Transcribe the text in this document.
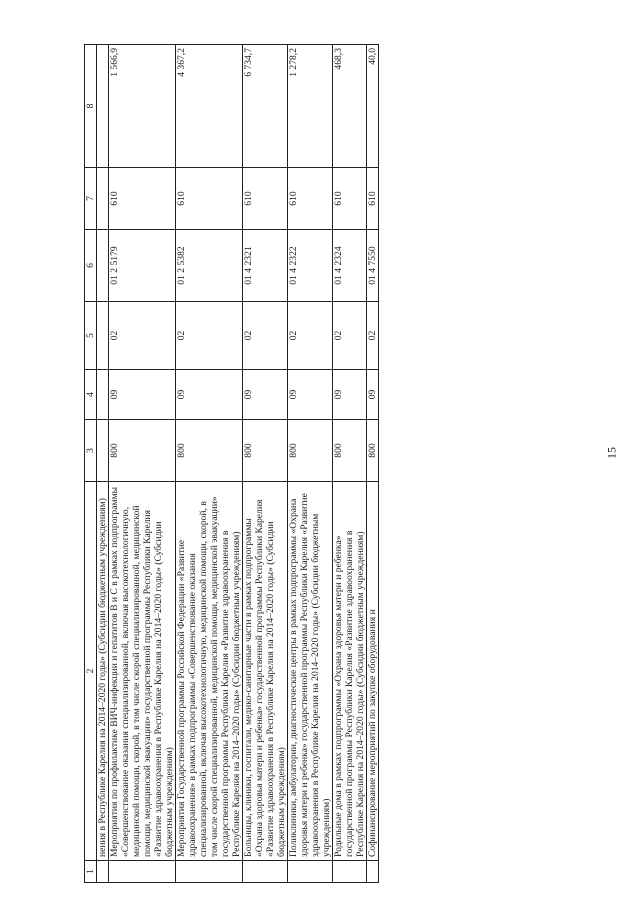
15
1	2	3	4	5	6	7	8
	нения в Республике Карелия на 2014–2020 годы» (Субсидии бюджетным учреждениям)						
	Мероприятия по профилактике ВИЧ-инфекции и гепатитов В и С в рамках подпрограммы «Совершенствование оказания специализированной, включая высокотехнологичную, медицинской помощи, скорой, в том числе скорой специализированной, медицинской помощи, медицинской эвакуации» государственной программы Республики Карелия «Развитие здравоохранения в Республике Карелия на 2014–2020 годы» (Субсидии бюджетным учреждениям)	800	09	02	01 2 5179	610	1 566,9
	Мероприятия Государственной программы Российской Федерации «Развитие здравоохранения» в рамках подпрограммы «Совершенствование оказания специализированной, включая высокотехнологичную, медицинской помощи, скорой, в том числе скорой специализированной, медицинской помощи, медицинской эвакуации» государственной программы Республики Карелия «Развитие здравоохранения в Республике Карелия на 2014–2020 годы» (Субсидии бюджетным учреждениям)	800	09	02	01 2 5382	610	4 367,2
	Больницы, клиники, госпитали, медико-санитарные части в рамках подпрограммы «Охрана здоровья матери и ребенка» государственной программы Республики Карелия «Развитие здравоохранения в Республике Карелия на 2014–2020 годы» (Субсидии бюджетным учреждениям)	800	09	02	01 4 2321	610	6 734,7
	Поликлиники, амбулатории, диагностические центры в рамках подпрограммы «Охрана здоровья матери и ребенка» государственной программы Республики Карелия «Развитие здравоохранения в Республике Карелия на 2014–2020 годы» (Субсидии бюджетным учреждениям)	800	09	02	01 4 2322	610	1 278,2
	Родильные дома в рамках подпрограммы «Охрана здоровья матери и ребенка» государственной программы Республики Карелия «Развитие здравоохранения в Республике Карелия на 2014–2020 годы» (Субсидии бюджетным учреждениям)	800	09	02	01 4 2324	610	468,3
	Софинансирование мероприятий по закупке оборудования и	800	09	02	01 4 7550	610	40,0
